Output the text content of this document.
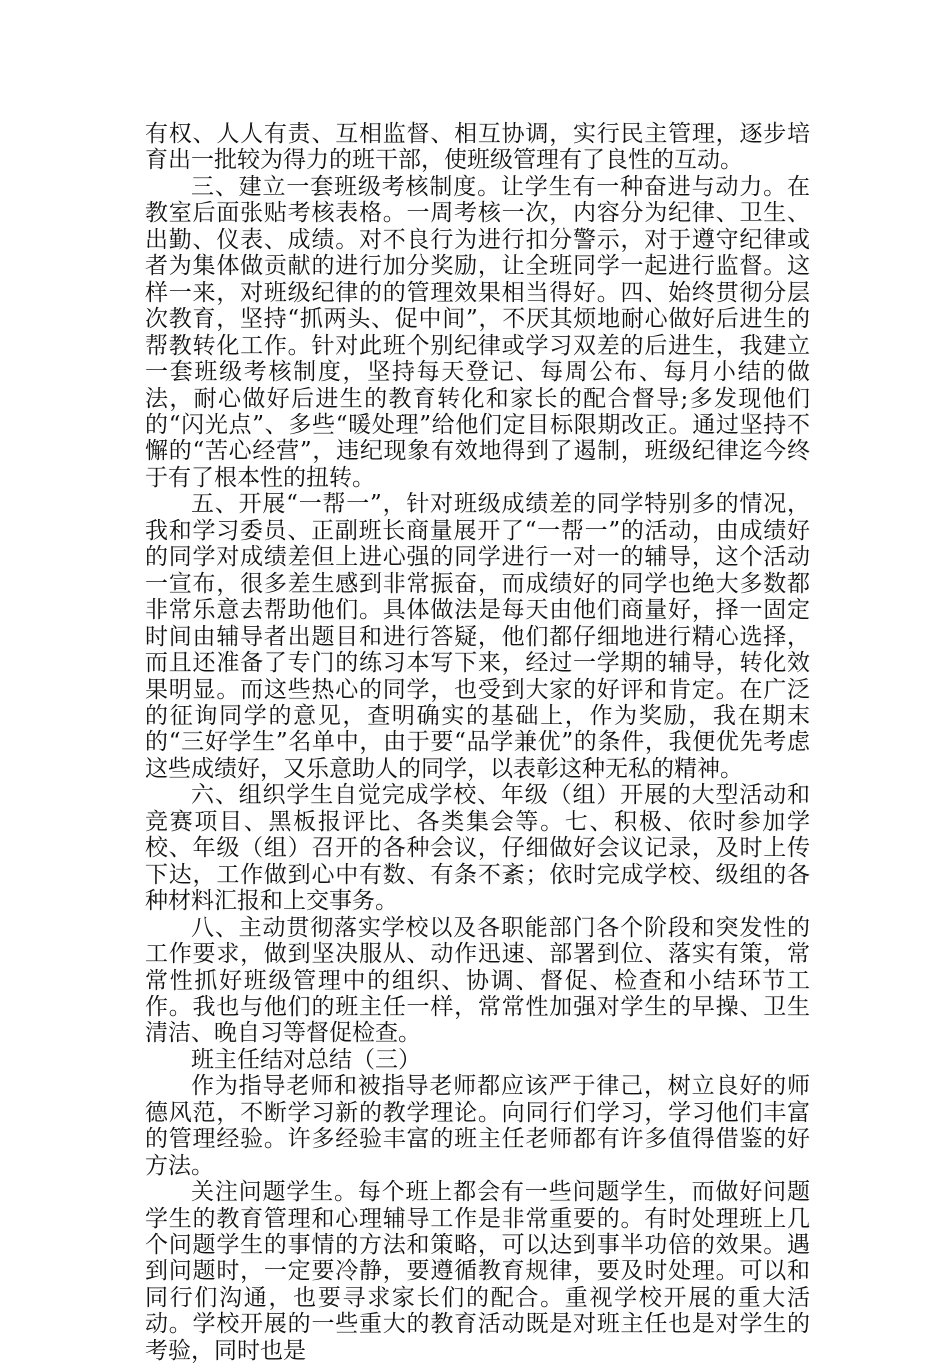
有权、人人有责、互相监督、相互协调，实行民主管理，逐步培育出一批较为得力的班干部，使班级管理有了良性的互动。

三、建立一套班级考核制度。让学生有一种奋进与动力。在教室后面张贴考核表格。一周考核一次，内容分为纪律、卫生、出勤、仪表、成绩。对不良行为进行扣分警示，对于遵守纪律或者为集体做贡献的进行加分奖励，让全班同学一起进行监督。这样一来，对班级纪律的的管理效果相当得好。四、始终贯彻分层次教育，坚持“抓两头、促中间”，不厌其烦地耐心做好后进生的帮教转化工作。针对此班个别纪律或学习双差的后进生，我建立一套班级考核制度，坚持每天登记、每周公布、每月小结的做法，耐心做好后进生的教育转化和家长的配合督导;多发现他们的“闪光点”、多些“暖处理”给他们定目标限期改正。通过坚持不懈的“苦心经营”，违纪现象有效地得到了遏制，班级纪律迄今终于有了根本性的扭转。

五、开展“一帮一”，针对班级成绩差的同学特别多的情况，我和学习委员、正副班长商量展开了“一帮一”的活动，由成绩好的同学对成绩差但上进心强的同学进行一对一的辅导，这个活动一宣布，很多差生感到非常振奋，而成绩好的同学也绝大多数都非常乐意去帮助他们。具体做法是每天由他们商量好，择一固定时间由辅导者出题目和进行答疑，他们都仔细地进行精心选择，而且还准备了专门的练习本写下来，经过一学期的辅导，转化效果明显。而这些热心的同学，也受到大家的好评和肯定。在广泛的征询同学的意见，查明确实的基础上，作为奖励，我在期末的“三好学生”名单中，由于要“品学兼优”的条件，我便优先考虑这些成绩好，又乐意助人的同学，以表彰这种无私的精神。

六、组织学生自觉完成学校、年级（组）开展的大型活动和竞赛项目、黑板报评比、各类集会等。七、积极、依时参加学校、年级（组）召开的各种会议，仔细做好会议记录，及时上传下达，工作做到心中有数、有条不紊；依时完成学校、级组的各种材料汇报和上交事务。

八、主动贯彻落实学校以及各职能部门各个阶段和突发性的工作要求，做到坚决服从、动作迅速、部署到位、落实有策，常常性抓好班级管理中的组织、协调、督促、检查和小结环节工作。我也与他们的班主任一样，常常性加强对学生的早操、卫生清洁、晚自习等督促检查。

班主任结对总结（三）

作为指导老师和被指导老师都应该严于律己，树立良好的师德风范，不断学习新的教学理论。向同行们学习，学习他们丰富的管理经验。许多经验丰富的班主任老师都有许多值得借鉴的好方法。

关注问题学生。每个班上都会有一些问题学生，而做好问题学生的教育管理和心理辅导工作是非常重要的。有时处理班上几个问题学生的事情的方法和策略，可以达到事半功倍的效果。遇到问题时，一定要冷静，要遵循教育规律，要及时处理。可以和同行们沟通，也要寻求家长们的配合。重视学校开展的重大活动。学校开展的一些重大的教育活动既是对班主任也是对学生的考验，同时也是
